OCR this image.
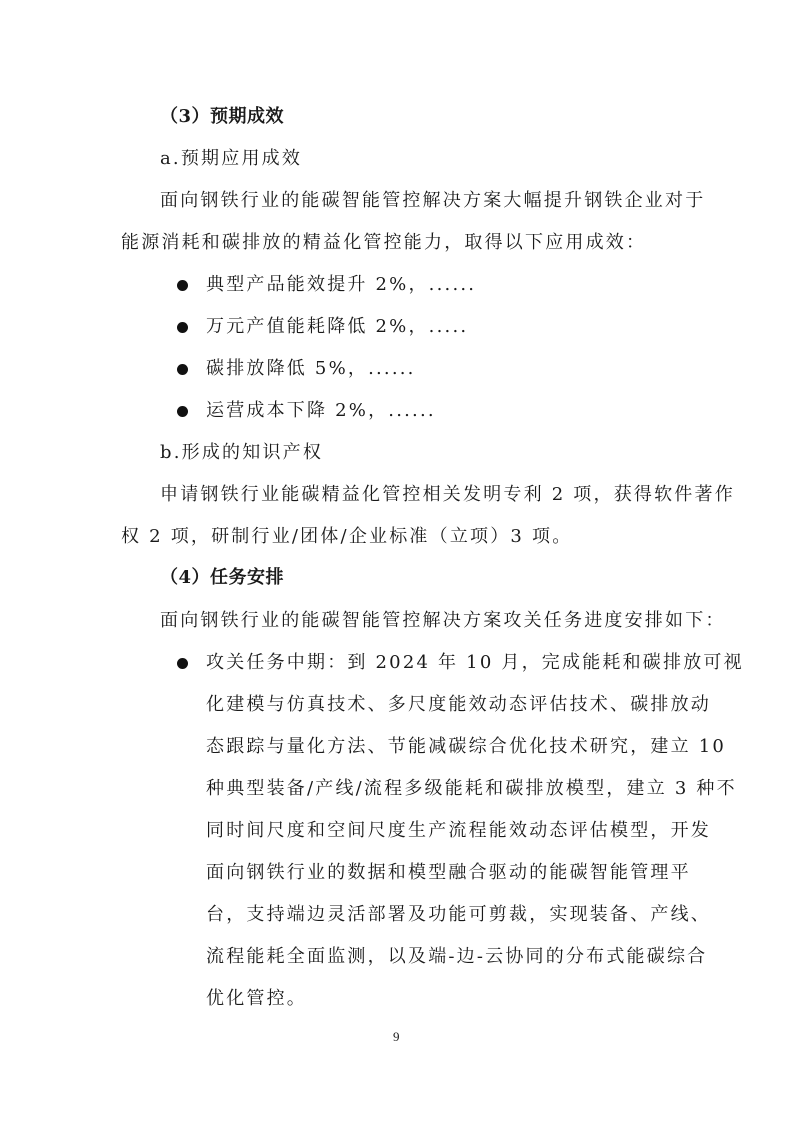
（3）预期成效
a.预期应用成效
面向钢铁行业的能碳智能管控解决方案大幅提升钢铁企业对于
能源消耗和碳排放的精益化管控能力，取得以下应用成效：
典型产品能效提升 2%，......
万元产值能耗降低 2%，.....
碳排放降低 5%，......
运营成本下降 2%，......
b.形成的知识产权
申请钢铁行业能碳精益化管控相关发明专利 2 项，获得软件著作
权 2 项，研制行业/团体/企业标准（立项）3 项。
（4）任务安排
面向钢铁行业的能碳智能管控解决方案攻关任务进度安排如下：
攻关任务中期：到 2024 年 10 月，完成能耗和碳排放可视
化建模与仿真技术、多尺度能效动态评估技术、碳排放动
态跟踪与量化方法、节能减碳综合优化技术研究，建立 10
种典型装备/产线/流程多级能耗和碳排放模型，建立 3 种不
同时间尺度和空间尺度生产流程能效动态评估模型，开发
面向钢铁行业的数据和模型融合驱动的能碳智能管理平
台，支持端边灵活部署及功能可剪裁，实现装备、产线、
流程能耗全面监测，以及端-边-云协同的分布式能碳综合
优化管控。
9
